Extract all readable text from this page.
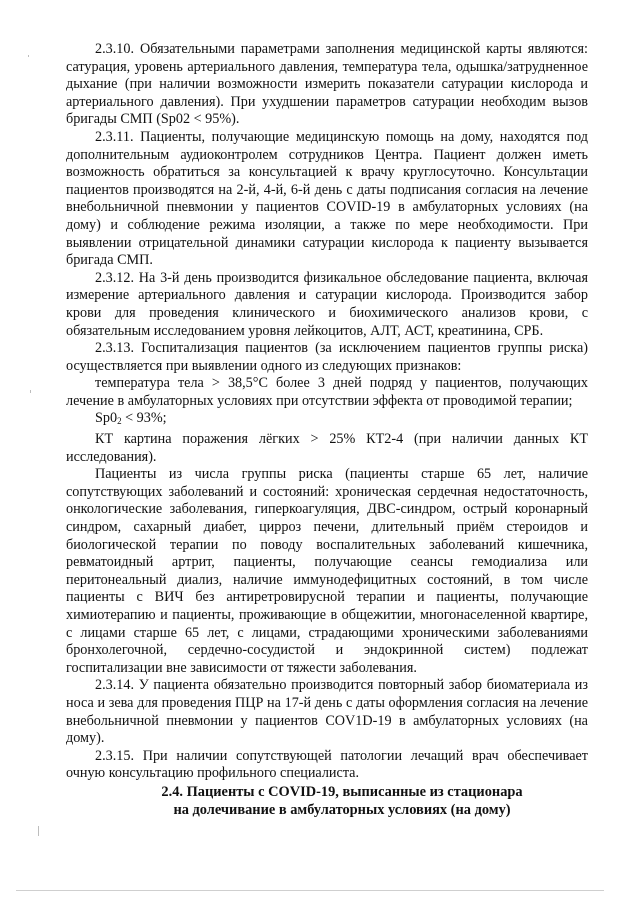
2.3.10. Обязательными параметрами заполнения медицинской карты являются: сатурация, уровень артериального давления, температура тела, одышка/затрудненное дыхание (при наличии возможности измерить показатели сатурации кислорода и артериального давления). При ухудшении параметров сатурации необходим вызов бригады СМП (Sp02 < 95%).

2.3.11. Пациенты, получающие медицинскую помощь на дому, находятся под дополнительным аудиоконтролем сотрудников Центра. Пациент должен иметь возможность обратиться за консультацией к врачу круглосуточно. Консультации пациентов производятся на 2-й, 4-й, 6-й день с даты подписания согласия на лечение внебольничной пневмонии у пациентов COVID-19 в амбулаторных условиях (на дому) и соблюдение режима изоляции, а также по мере необходимости. При выявлении отрицательной динамики сатурации кислорода к пациенту вызывается бригада СМП.

2.3.12. На 3-й день производится физикальное обследование пациента, включая измерение артериального давления и сатурации кислорода. Производится забор крови для проведения клинического и биохимического анализов крови, с обязательным исследованием уровня лейкоцитов, АЛТ, АСТ, креатинина, СРБ.

2.3.13. Госпитализация пациентов (за исключением пациентов группы риска) осуществляется при выявлении одного из следующих признаков:

температура тела > 38,5°С более 3 дней подряд у пациентов, получающих лечение в амбулаторных условиях при отсутствии эффекта от проводимой терапии;

$Sp0_2 < 93\%$;

КТ картина поражения лёгких > 25% КТ2-4 (при наличии данных КТ исследования).

Пациенты из числа группы риска (пациенты старше 65 лет, наличие сопутствующих заболеваний и состояний: хроническая сердечная недостаточность, онкологические заболевания, гиперкоагуляция, ДВС-синдром, острый коронарный синдром, сахарный диабет, цирроз печени, длительный приём стероидов и биологической терапии по поводу воспалительных заболеваний кишечника, ревматоидный артрит, пациенты, получающие сеансы гемодиализа или перитонеальный диализ, наличие иммунодефицитных состояний, в том числе пациенты с ВИЧ без антиретровирусной терапии и пациенты, получающие химиотерапию и пациенты, проживающие в общежитии, многонаселенной квартире, с лицами старше 65 лет, с лицами, страдающими хроническими заболеваниями бронхолегочной, сердечно-сосудистой и эндокринной систем) подлежат госпитализации вне зависимости от тяжести заболевания.

2.3.14. У пациента обязательно производится повторный забор биоматериала из носа и зева для проведения ПЦР на 17-й день с даты оформления согласия на лечение внебольничной пневмонии у пациентов COV1D-19 в амбулаторных условиях (на дому).

2.3.15. При наличии сопутствующей патологии лечащий врач обеспечивает очную консультацию профильного специалиста.

2.4. Пациенты с COVID-19, выписанные из стационара

на долечивание в амбулаторных условиях (на дому)
